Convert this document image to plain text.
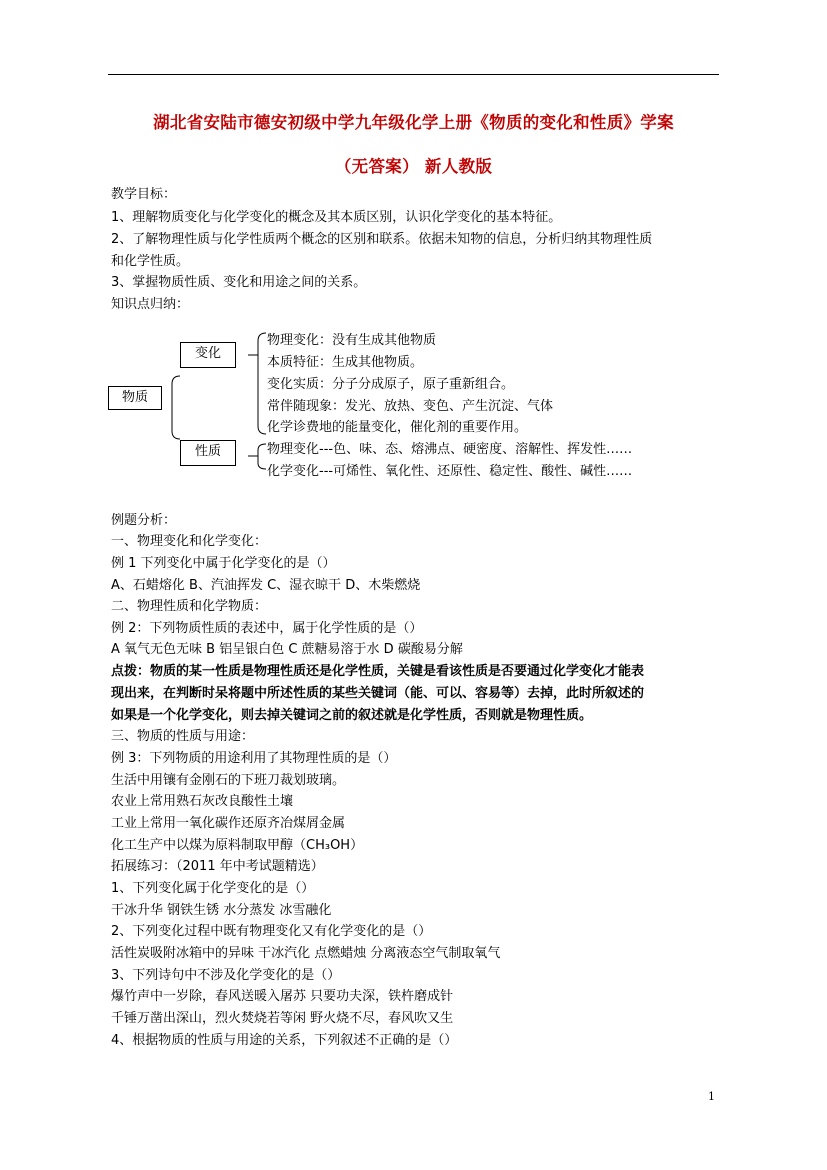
湖北省安陆市德安初级中学九年级化学上册《物质的变化和性质》学案
（无答案） 新人教版
教学目标：
1、理解物质变化与化学变化的概念及其本质区别，认识化学变化的基本特征。
2、了解物理性质与化学性质两个概念的区别和联系。依据未知物的信息，分析归纳其物理性质
和化学性质。
3、掌握物质性质、变化和用途之间的关系。
知识点归纳：
物质
变化
性质
物理变化：没有生成其他物质
本质特征：生成其他物质。
变化实质：分子分成原子，原子重新组合。
常伴随现象：发光、放热、变色、产生沉淀、气体
化学诊费地的能量变化，催化剂的重要作用。
物理变化---色、味、态、熔沸点、硬密度、溶解性、挥发性……
化学变化---可烯性、氧化性、还原性、稳定性、酸性、碱性……
例题分析：
一、物理变化和化学变化：
例 1 下列变化中属于化学变化的是（）
A、石蜡熔化 B、汽油挥发 C、湿衣晾干 D、木柴燃烧
二、物理性质和化学物质：
例 2：下列物质性质的表述中，属于化学性质的是（）
A 氧气无色无味 B 铝呈银白色 C 蔗糖易溶于水 D 碳酸易分解
点拨：物质的某一性质是物理性质还是化学性质，关键是看该性质是否要通过化学变化才能表
现出来，在判断时呆将题中所述性质的某些关键词（能、可以、容易等）去掉，此时所叙述的
如果是一个化学变化，则去掉关键词之前的叙述就是化学性质，否则就是物理性质。
三、物质的性质与用途：
例 3：下列物质的用途利用了其物理性质的是（）
生活中用镶有金刚石的下班刀裁划玻璃。
农业上常用熟石灰改良酸性土壤
工业上常用一氧化碳作还原齐冶煤屑金属
化工生产中以煤为原料制取甲醇（CH₃OH）
拓展练习：（2011 年中考试题精选）
1、下列变化属于化学变化的是（）
干冰升华 钢铁生锈 水分蒸发 冰雪融化
2、下列变化过程中既有物理变化又有化学变化的是（）
活性炭吸附冰箱中的异味 干冰汽化 点燃蜡烛 分离液态空气制取氧气
3、下列诗句中不涉及化学变化的是（）
爆竹声中一岁除，春风送暖入屠苏 只要功夫深，铁杵磨成针
千锤万凿出深山，烈火焚烧若等闲 野火烧不尽，春风吹又生
4、根据物质的性质与用途的关系，下列叙述不正确的是（）
1
